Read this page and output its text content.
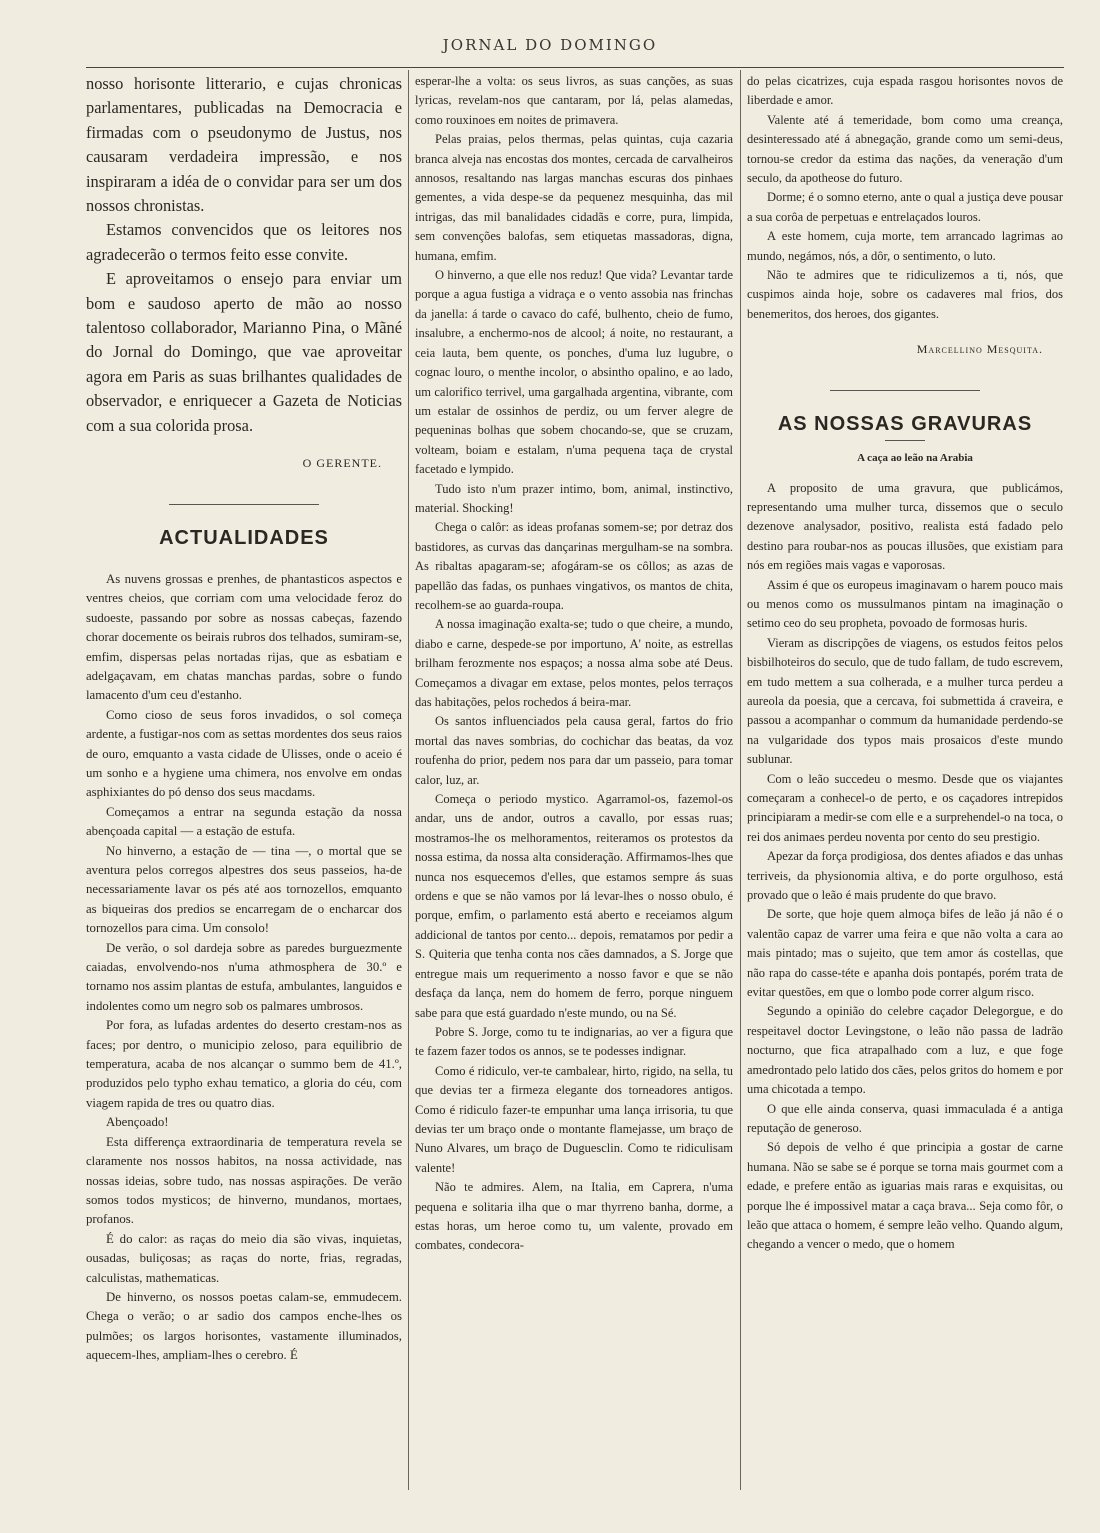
JORNAL DO DOMINGO

nosso horisonte litterario, e cujas chronicas parlamentares, publicadas na Democracia e firmadas com o pseudonymo de Justus, nos causaram verdadeira impressão, e nos inspiraram a idéa de o convidar para ser um dos nossos chronistas.

Estamos convencidos que os leitores nos agradecerão o termos feito esse convite.

E aproveitamos o ensejo para enviar um bom e saudoso aperto de mão ao nosso talentoso collaborador, Marianno Pina, o Mãné do Jornal do Domingo, que vae aproveitar agora em Paris as suas brilhantes qualidades de observador, e enriquecer a Gazeta de Noticias com a sua colorida prosa.

O GERENTE.

ACTUALIDADES

As nuvens grossas e prenhes, de phantasticos aspectos e ventres cheios, que corriam com uma velocidade feroz do sudoeste, passando por sobre as nossas cabeças, fazendo chorar docemente os beirais rubros dos telhados, sumiram-se, emfim, dispersas pelas nortadas rijas, que as esbatiam e adelgaçavam, em chatas manchas pardas, sobre o fundo lamacento d'um ceu d'estanho.

Como cioso de seus foros invadidos, o sol começa ardente, a fustigar-nos com as settas mordentes dos seus raios de ouro, emquanto a vasta cidade de Ulisses, onde o aceio é um sonho e a hygiene uma chimera, nos envolve em ondas asphixiantes do pó denso dos seus macdams.

Começamos a entrar na segunda estação da nossa abençoada capital — a estação de estufa.

No hinverno, a estação de — tina —, o mortal que se aventura pelos corregos alpestres dos seus passeios, ha-de necessariamente lavar os pés até aos tornozellos, emquanto as biqueiras dos predios se encarregam de o encharcar dos tornozellos para cima. Um consolo!

De verão, o sol dardeja sobre as paredes burguezmente caiadas, envolvendo-nos n'uma athmosphera de 30.º e tornamo nos assim plantas de estufa, ambulantes, languidos e indolentes como um negro sob os palmares umbrosos.

Por fora, as lufadas ardentes do deserto crestam-nos as faces; por dentro, o municipio zeloso, para equilibrio de temperatura, acaba de nos alcançar o summo bem de 41.º, produzidos pelo typho exhau tematico, a gloria do céu, com viagem rapida de tres ou quatro dias.

Abençoado!

Esta differença extraordinaria de temperatura revela se claramente nos nossos habitos, na nossa actividade, nas nossas ideias, sobre tudo, nas nossas aspirações. De verão somos todos mysticos; de hinverno, mundanos, mortaes, profanos.

É do calor: as raças do meio dia são vivas, inquietas, ousadas, buliçosas; as raças do norte, frias, regradas, calculistas, mathematicas.

De hinverno, os nossos poetas calam-se, emmudecem. Chega o verão; o ar sadio dos campos enche-lhes os pulmões; os largos horisontes, vastamente illuminados, aquecem-lhes, ampliam-lhes o cerebro. É

esperar-lhe a volta: os seus livros, as suas canções, as suas lyricas, revelam-nos que cantaram, por lá, pelas alamedas, como rouxinoes em noites de primavera.

Pelas praias, pelos thermas, pelas quintas, cuja cazaria branca alveja nas encostas dos montes, cercada de carvalheiros annosos, resaltando nas largas manchas escuras dos pinhaes gementes, a vida despe-se da pequenez mesquinha, das mil intrigas, das mil banalidades cidadãs e corre, pura, limpida, sem convenções balofas, sem etiquetas massadoras, digna, humana, emfim.

O hinverno, a que elle nos reduz! Que vida? Levantar tarde porque a agua fustiga a vidraça e o vento assobia nas frinchas da janella: á tarde o cavaco do café, bulhento, cheio de fumo, insalubre, a enchermo-nos de alcool; á noite, no restaurant, a ceia lauta, bem quente, os ponches, d'uma luz lugubre, o cognac louro, o menthe incolor, o absintho opalino, e ao lado, um calorifico terrivel, uma gargalhada argentina, vibrante, com um estalar de ossinhos de perdiz, ou um ferver alegre de pequeninas bolhas que sobem chocando-se, que se cruzam, volteam, boiam e estalam, n'uma pequena taça de crystal facetado e lympido.

Tudo isto n'um prazer intimo, bom, animal, instinctivo, material. Shocking!

Chega o calôr: as ideas profanas somem-se; por detraz dos bastidores, as curvas das dançarinas mergulham-se na sombra. As ribaltas apagaram-se; afogáram-se os côllos; as azas de papellão das fadas, os punhaes vingativos, os mantos de chita, recolhem-se ao guarda-roupa.

A nossa imaginação exalta-se; tudo o que cheire, a mundo, diabo e carne, despede-se por importuno, A' noite, as estrellas brilham ferozmente nos espaços; a nossa alma sobe até Deus. Começamos a divagar em extase, pelos montes, pelos terraços das habitações, pelos rochedos á beira-mar.

Os santos influenciados pela causa geral, fartos do frio mortal das naves sombrias, do cochichar das beatas, da voz roufenha do prior, pedem nos para dar um passeio, para tomar calor, luz, ar.

Começa o periodo mystico. Agarramol-os, fazemol-os andar, uns de andor, outros a cavallo, por essas ruas; mostramos-lhe os melhoramentos, reiteramos os protestos da nossa estima, da nossa alta consideração. Affirmamos-lhes que nunca nos esquecemos d'elles, que estamos sempre ás suas ordens e que se não vamos por lá levar-lhes o nosso obulo, é porque, emfim, o parlamento está aberto e receiamos algum addicional de tantos por cento... depois, rematamos por pedir a S. Quiteria que tenha conta nos cães damnados, a S. Jorge que entregue mais um requerimento a nosso favor e que se não desfaça da lança, nem do homem de ferro, porque ninguem sabe para que está guardado n'este mundo, ou na Sé.

Pobre S. Jorge, como tu te indignarias, ao ver a figura que te fazem fazer todos os annos, se te podesses indignar.

Como é ridiculo, ver-te cambalear, hirto, rigido, na sella, tu que devias ter a firmeza elegante dos torneadores antigos. Como é ridiculo fazer-te empunhar uma lança irrisoria, tu que devias ter um braço onde o montante flamejasse, um braço de Nuno Alvares, um braço de Duguesclin. Como te ridiculisam valente!

Não te admires. Alem, na Italia, em Caprera, n'uma pequena e solitaria ilha que o mar thyrreno banha, dorme, a estas horas, um heroe como tu, um valente, provado em combates, condecora-

do pelas cicatrizes, cuja espada rasgou horisontes novos de liberdade e amor.

Valente até á temeridade, bom como uma creança, desinteressado até á abnegação, grande como um semi-deus, tornou-se credor da estima das nações, da veneração d'um seculo, da apotheose do futuro.

Dorme; é o somno eterno, ante o qual a justiça deve pousar a sua corôa de perpetuas e entrelaçados louros.

A este homem, cuja morte, tem arrancado lagrimas ao mundo, negámos, nós, a dôr, o sentimento, o luto.

Não te admires que te ridiculizemos a ti, nós, que cuspimos ainda hoje, sobre os cadaveres mal frios, dos benemeritos, dos heroes, dos gigantes.

Marcellino Mesquita.

AS NOSSAS GRAVURAS

A caça ao leão na Arabia

A proposito de uma gravura, que publicámos, representando uma mulher turca, dissemos que o seculo dezenove analysador, positivo, realista está fadado pelo destino para roubar-nos as poucas illusões, que existiam para nós em regiões mais vagas e vaporosas.

Assim é que os europeus imaginavam o harem pouco mais ou menos como os mussulmanos pintam na imaginação o setimo ceo do seu propheta, povoado de formosas huris.

Vieram as discripções de viagens, os estudos feitos pelos bisbilhoteiros do seculo, que de tudo fallam, de tudo escrevem, em tudo mettem a sua colherada, e a mulher turca perdeu a aureola da poesia, que a cercava, foi submettida á craveira, e passou a acompanhar o commum da humanidade perdendo-se na vulgaridade dos typos mais prosaicos d'este mundo sublunar.

Com o leão succedeu o mesmo. Desde que os viajantes começaram a conhecel-o de perto, e os caçadores intrepidos principiaram a medir-se com elle e a surprehendel-o na toca, o rei dos animaes perdeu noventa por cento do seu prestigio.

Apezar da força prodigiosa, dos dentes afiados e das unhas terriveis, da physionomia altiva, e do porte orgulhoso, está provado que o leão é mais prudente do que bravo.

De sorte, que hoje quem almoça bifes de leão já não é o valentão capaz de varrer uma feira e que não volta a cara ao mais pintado; mas o sujeito, que tem amor ás costellas, que não rapa do casse-téte e apanha dois pontapés, porém trata de evitar questões, em que o lombo pode correr algum risco.

Segundo a opinião do celebre caçador Delegorgue, e do respeitavel doctor Levingstone, o leão não passa de ladrão nocturno, que fica atrapalhado com a luz, e que foge amedrontado pelo latido dos cães, pelos gritos do homem e por uma chicotada a tempo.

O que elle ainda conserva, quasi immaculada é a antiga reputação de generoso.

Só depois de velho é que principia a gostar de carne humana. Não se sabe se é porque se torna mais gourmet com a edade, e prefere então as iguarias mais raras e exquisitas, ou porque lhe é impossivel matar a caça brava... Seja como fôr, o leão que attaca o homem, é sempre leão velho. Quando algum, chegando a vencer o medo, que o homem
